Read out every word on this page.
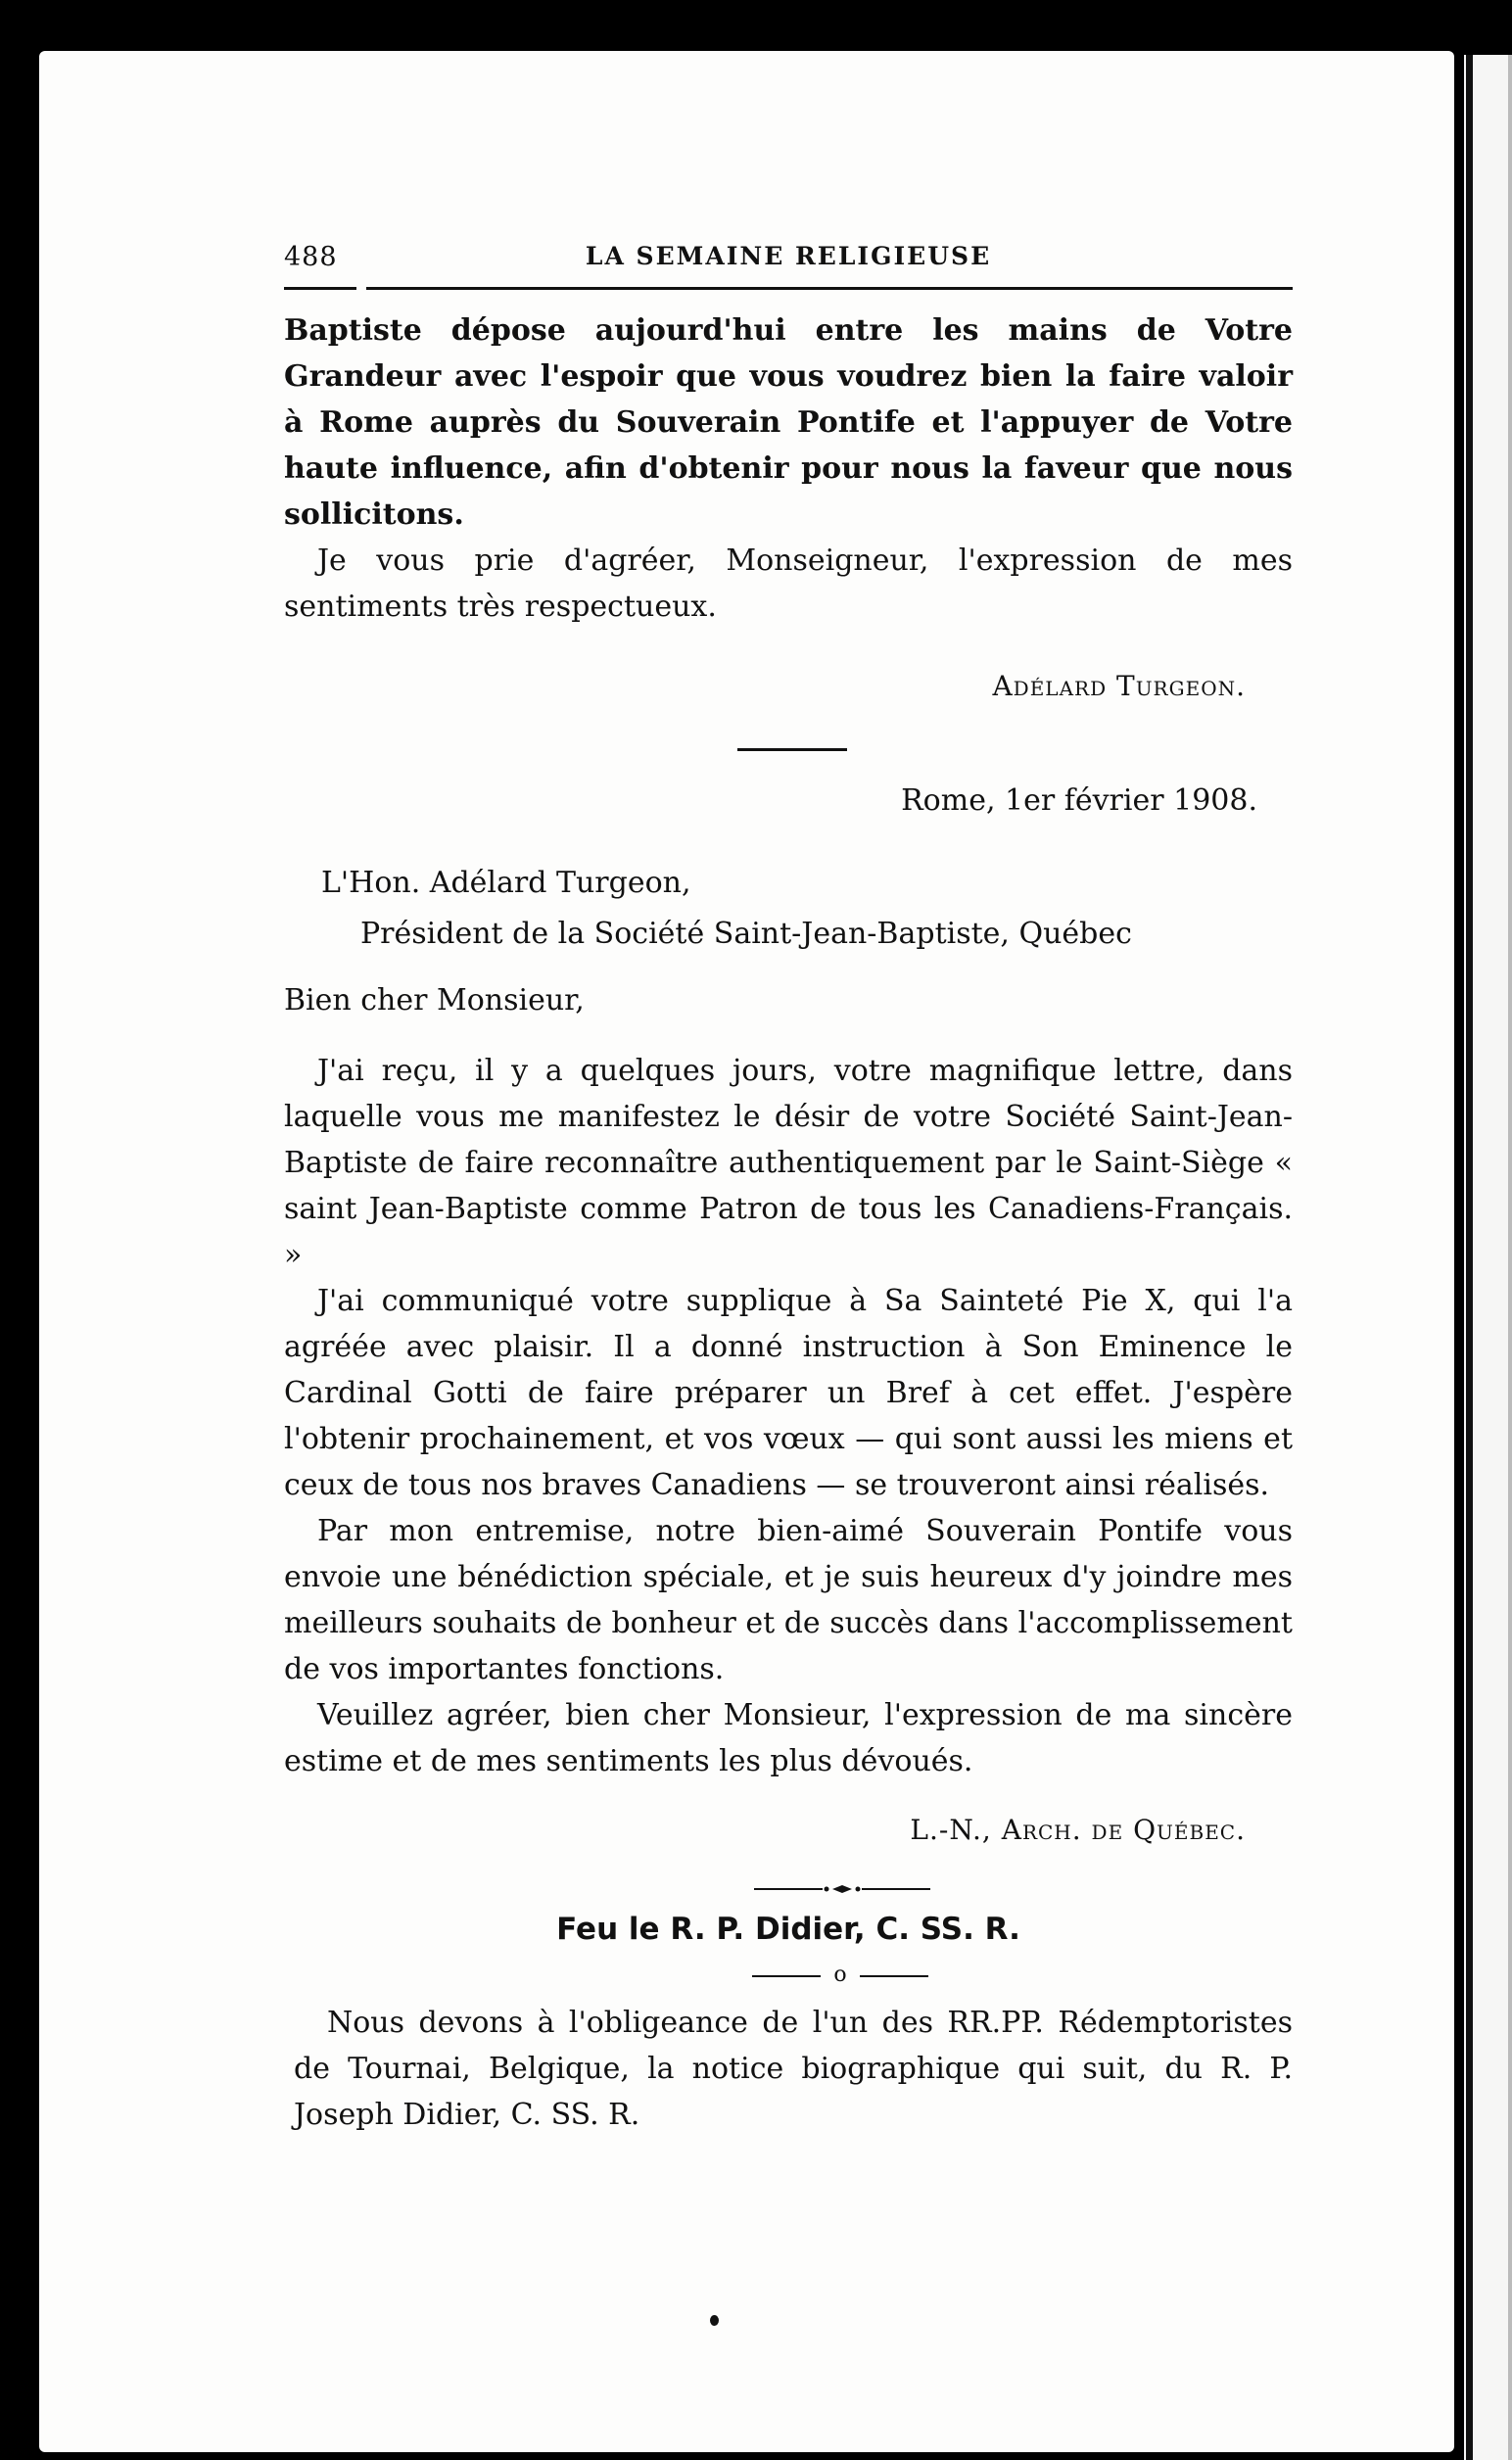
488	LA SEMAINE RELIGIEUSE

Baptiste dépose aujourd'hui entre les mains de Votre Grandeur avec l'espoir que vous voudrez bien la faire valoir à Rome auprès du Souverain Pontife et l'appuyer de Votre haute influence, afin d'obtenir pour nous la faveur que nous sollicitons.

Je vous prie d'agréer, Monseigneur, l'expression de mes sentiments très respectueux.

Adélard Turgeon.
Rome, 1er février 1908.
L'Hon. Adélard Turgeon,
Président de la Société Saint-Jean-Baptiste, Québec
Bien cher Monsieur,

J'ai reçu, il y a quelques jours, votre magnifique lettre, dans laquelle vous me manifestez le désir de votre Société Saint-Jean-Baptiste de faire reconnaître authentiquement par le Saint-Siège « saint Jean-Baptiste comme Patron de tous les Canadiens-Français. »

J'ai communiqué votre supplique à Sa Sainteté Pie X, qui l'a agréée avec plaisir. Il a donné instruction à Son Eminence le Cardinal Gotti de faire préparer un Bref à cet effet. J'espère l'obtenir prochainement, et vos vœux — qui sont aussi les miens et ceux de tous nos braves Canadiens — se trouveront ainsi réalisés.

Par mon entremise, notre bien-aimé Souverain Pontife vous envoie une bénédiction spéciale, et je suis heureux d'y joindre mes meilleurs souhaits de bonheur et de succès dans l'accomplissement de vos importantes fonctions.

Veuillez agréer, bien cher Monsieur, l'expression de ma sincère estime et de mes sentiments les plus dévoués.

L.-N., Arch. de Québec.
Feu le R. P. Didier, C. SS. R.
o

Nous devons à l'obligeance de l'un des RR.PP. Rédemptoristes de Tournai, Belgique, la notice biographique qui suit, du R. P. Joseph Didier, C. SS. R.
